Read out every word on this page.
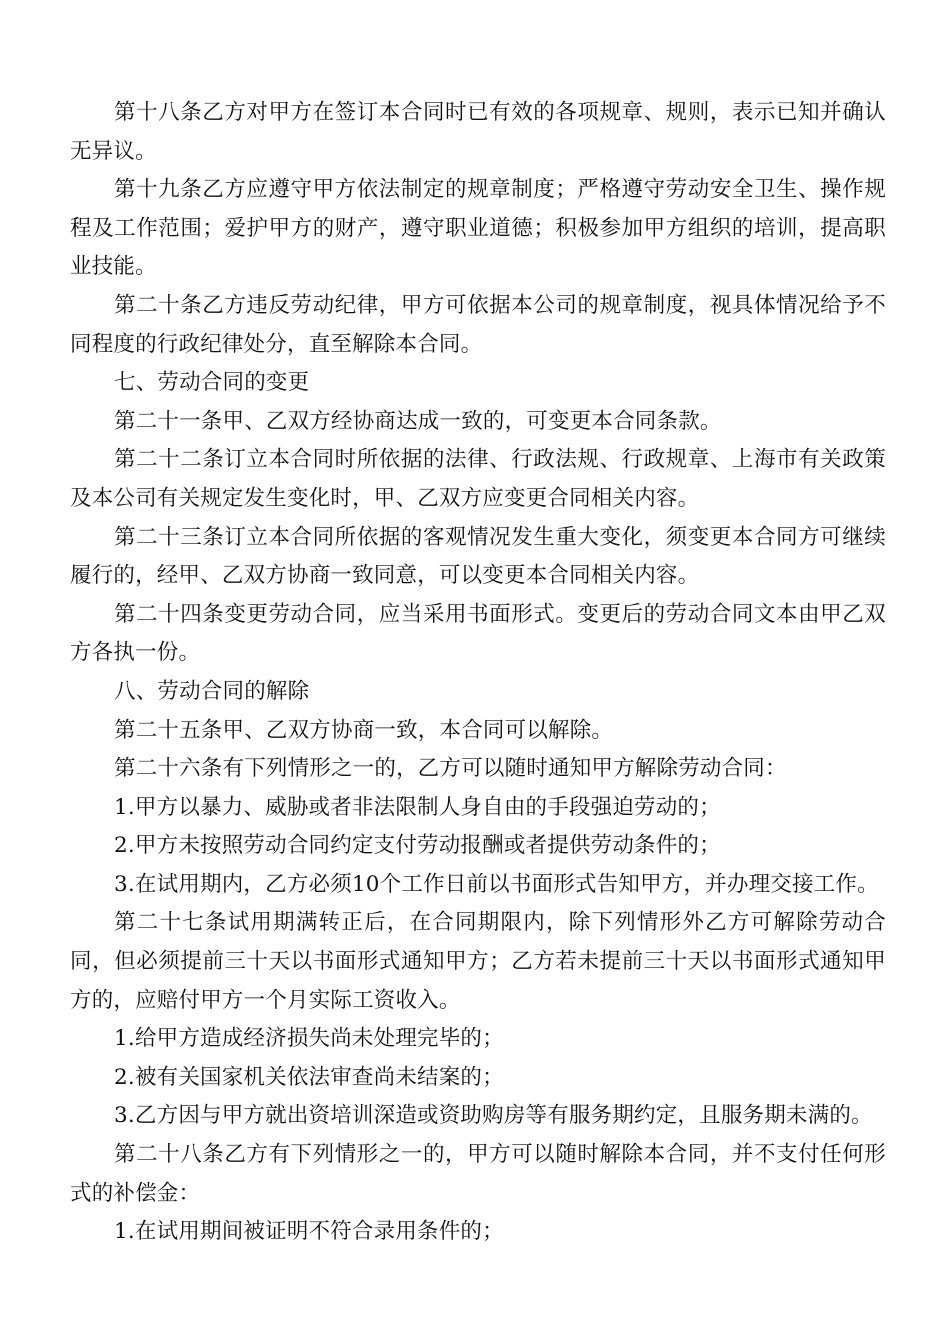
第十八条乙方对甲方在签订本合同时已有效的各项规章、规则，表示已知并确认无异议。

第十九条乙方应遵守甲方依法制定的规章制度；严格遵守劳动安全卫生、操作规程及工作范围；爱护甲方的财产，遵守职业道德；积极参加甲方组织的培训，提高职业技能。

第二十条乙方违反劳动纪律，甲方可依据本公司的规章制度，视具体情况给予不同程度的行政纪律处分，直至解除本合同。

七、劳动合同的变更

第二十一条甲、乙双方经协商达成一致的，可变更本合同条款。

第二十二条订立本合同时所依据的法律、行政法规、行政规章、上海市有关政策及本公司有关规定发生变化时，甲、乙双方应变更合同相关内容。

第二十三条订立本合同所依据的客观情况发生重大变化，须变更本合同方可继续履行的，经甲、乙双方协商一致同意，可以变更本合同相关内容。

第二十四条变更劳动合同，应当采用书面形式。变更后的劳动合同文本由甲乙双方各执一份。

八、劳动合同的解除

第二十五条甲、乙双方协商一致，本合同可以解除。

第二十六条有下列情形之一的，乙方可以随时通知甲方解除劳动合同：

1.甲方以暴力、威胁或者非法限制人身自由的手段强迫劳动的；

2.甲方未按照劳动合同约定支付劳动报酬或者提供劳动条件的；

3.在试用期内，乙方必须10个工作日前以书面形式告知甲方，并办理交接工作。

第二十七条试用期满转正后，在合同期限内，除下列情形外乙方可解除劳动合同，但必须提前三十天以书面形式通知甲方；乙方若未提前三十天以书面形式通知甲方的，应赔付甲方一个月实际工资收入。

1.给甲方造成经济损失尚未处理完毕的；

2.被有关国家机关依法审查尚未结案的；

3.乙方因与甲方就出资培训深造或资助购房等有服务期约定，且服务期未满的。

第二十八条乙方有下列情形之一的，甲方可以随时解除本合同，并不支付任何形式的补偿金：

1.在试用期间被证明不符合录用条件的；
